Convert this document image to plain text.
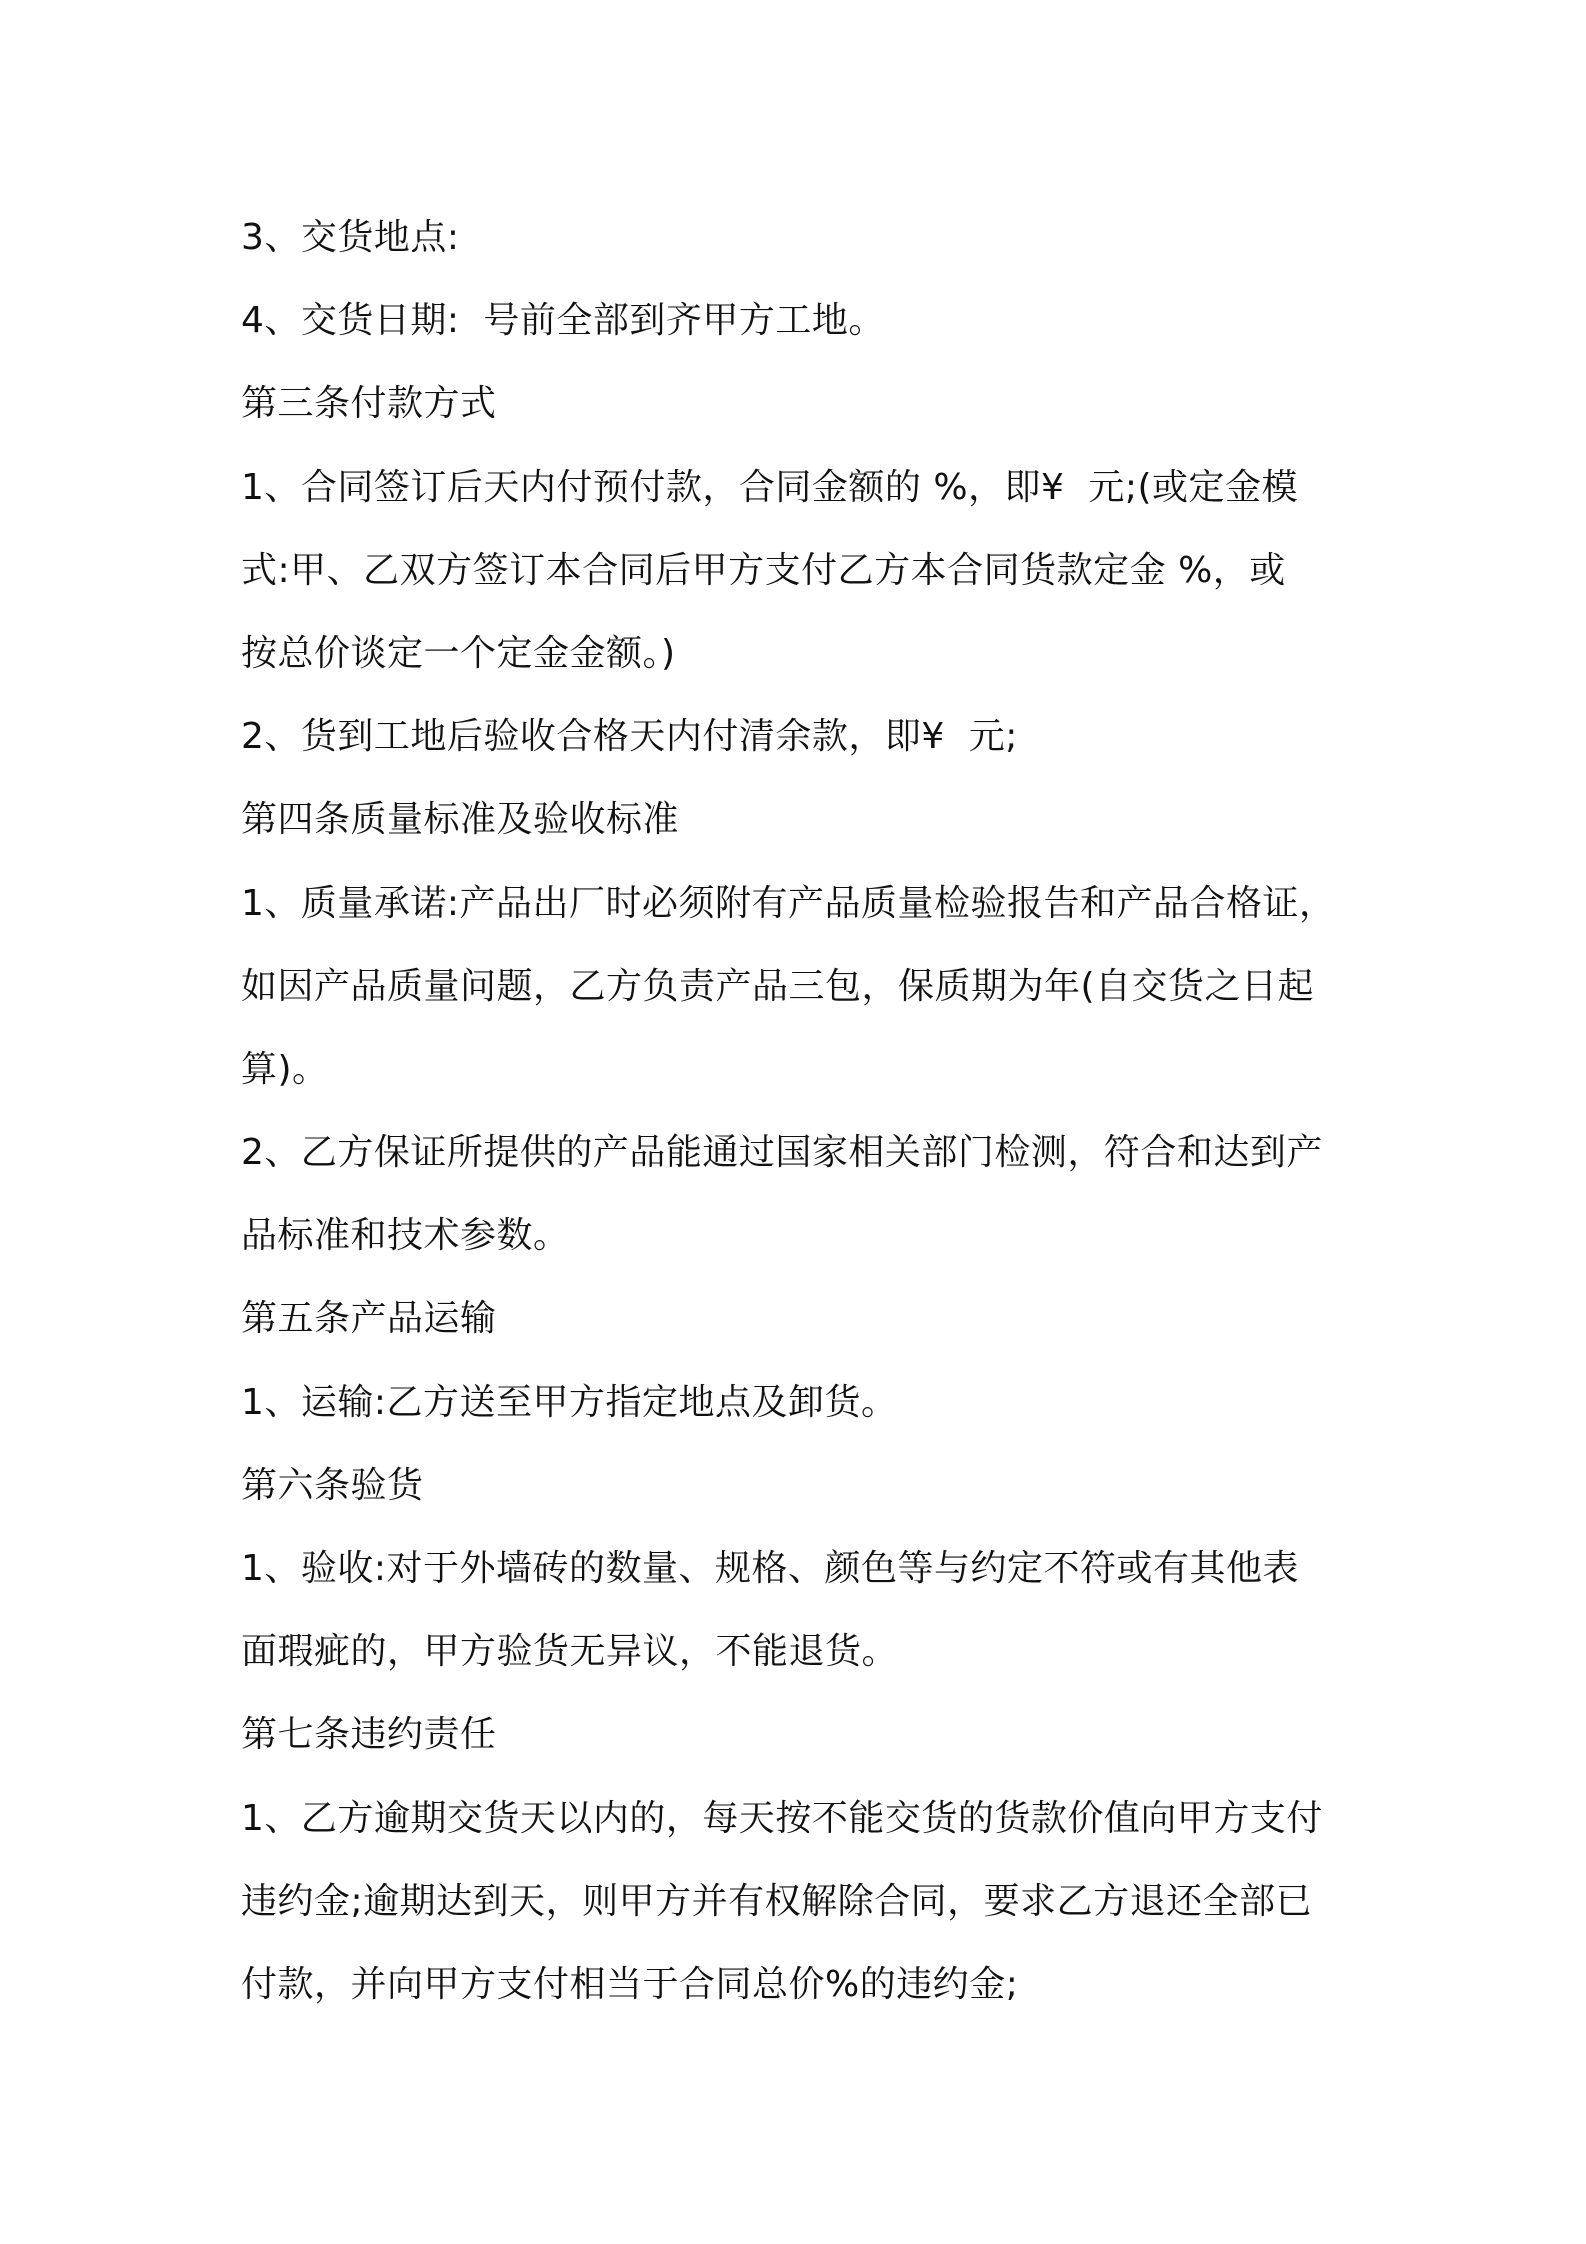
3、交货地点:

4、交货日期:  号前全部到齐甲方工地。

第三条付款方式

1、合同签订后天内付预付款，合同金额的 %，即¥  元;(或定金模

式:甲、乙双方签订本合同后甲方支付乙方本合同货款定金 %，或

按总价谈定一个定金金额。)

2、货到工地后验收合格天内付清余款，即¥  元;

第四条质量标准及验收标准

1、质量承诺:产品出厂时必须附有产品质量检验报告和产品合格证，

如因产品质量问题，乙方负责产品三包，保质期为年(自交货之日起

算)。

2、乙方保证所提供的产品能通过国家相关部门检测，符合和达到产

品标准和技术参数。

第五条产品运输

1、运输:乙方送至甲方指定地点及卸货。

第六条验货

1、验收:对于外墙砖的数量、规格、颜色等与约定不符或有其他表

面瑕疵的，甲方验货无异议，不能退货。

第七条违约责任

1、乙方逾期交货天以内的，每天按不能交货的货款价值向甲方支付

违约金;逾期达到天，则甲方并有权解除合同，要求乙方退还全部已

付款，并向甲方支付相当于合同总价%的违约金;
